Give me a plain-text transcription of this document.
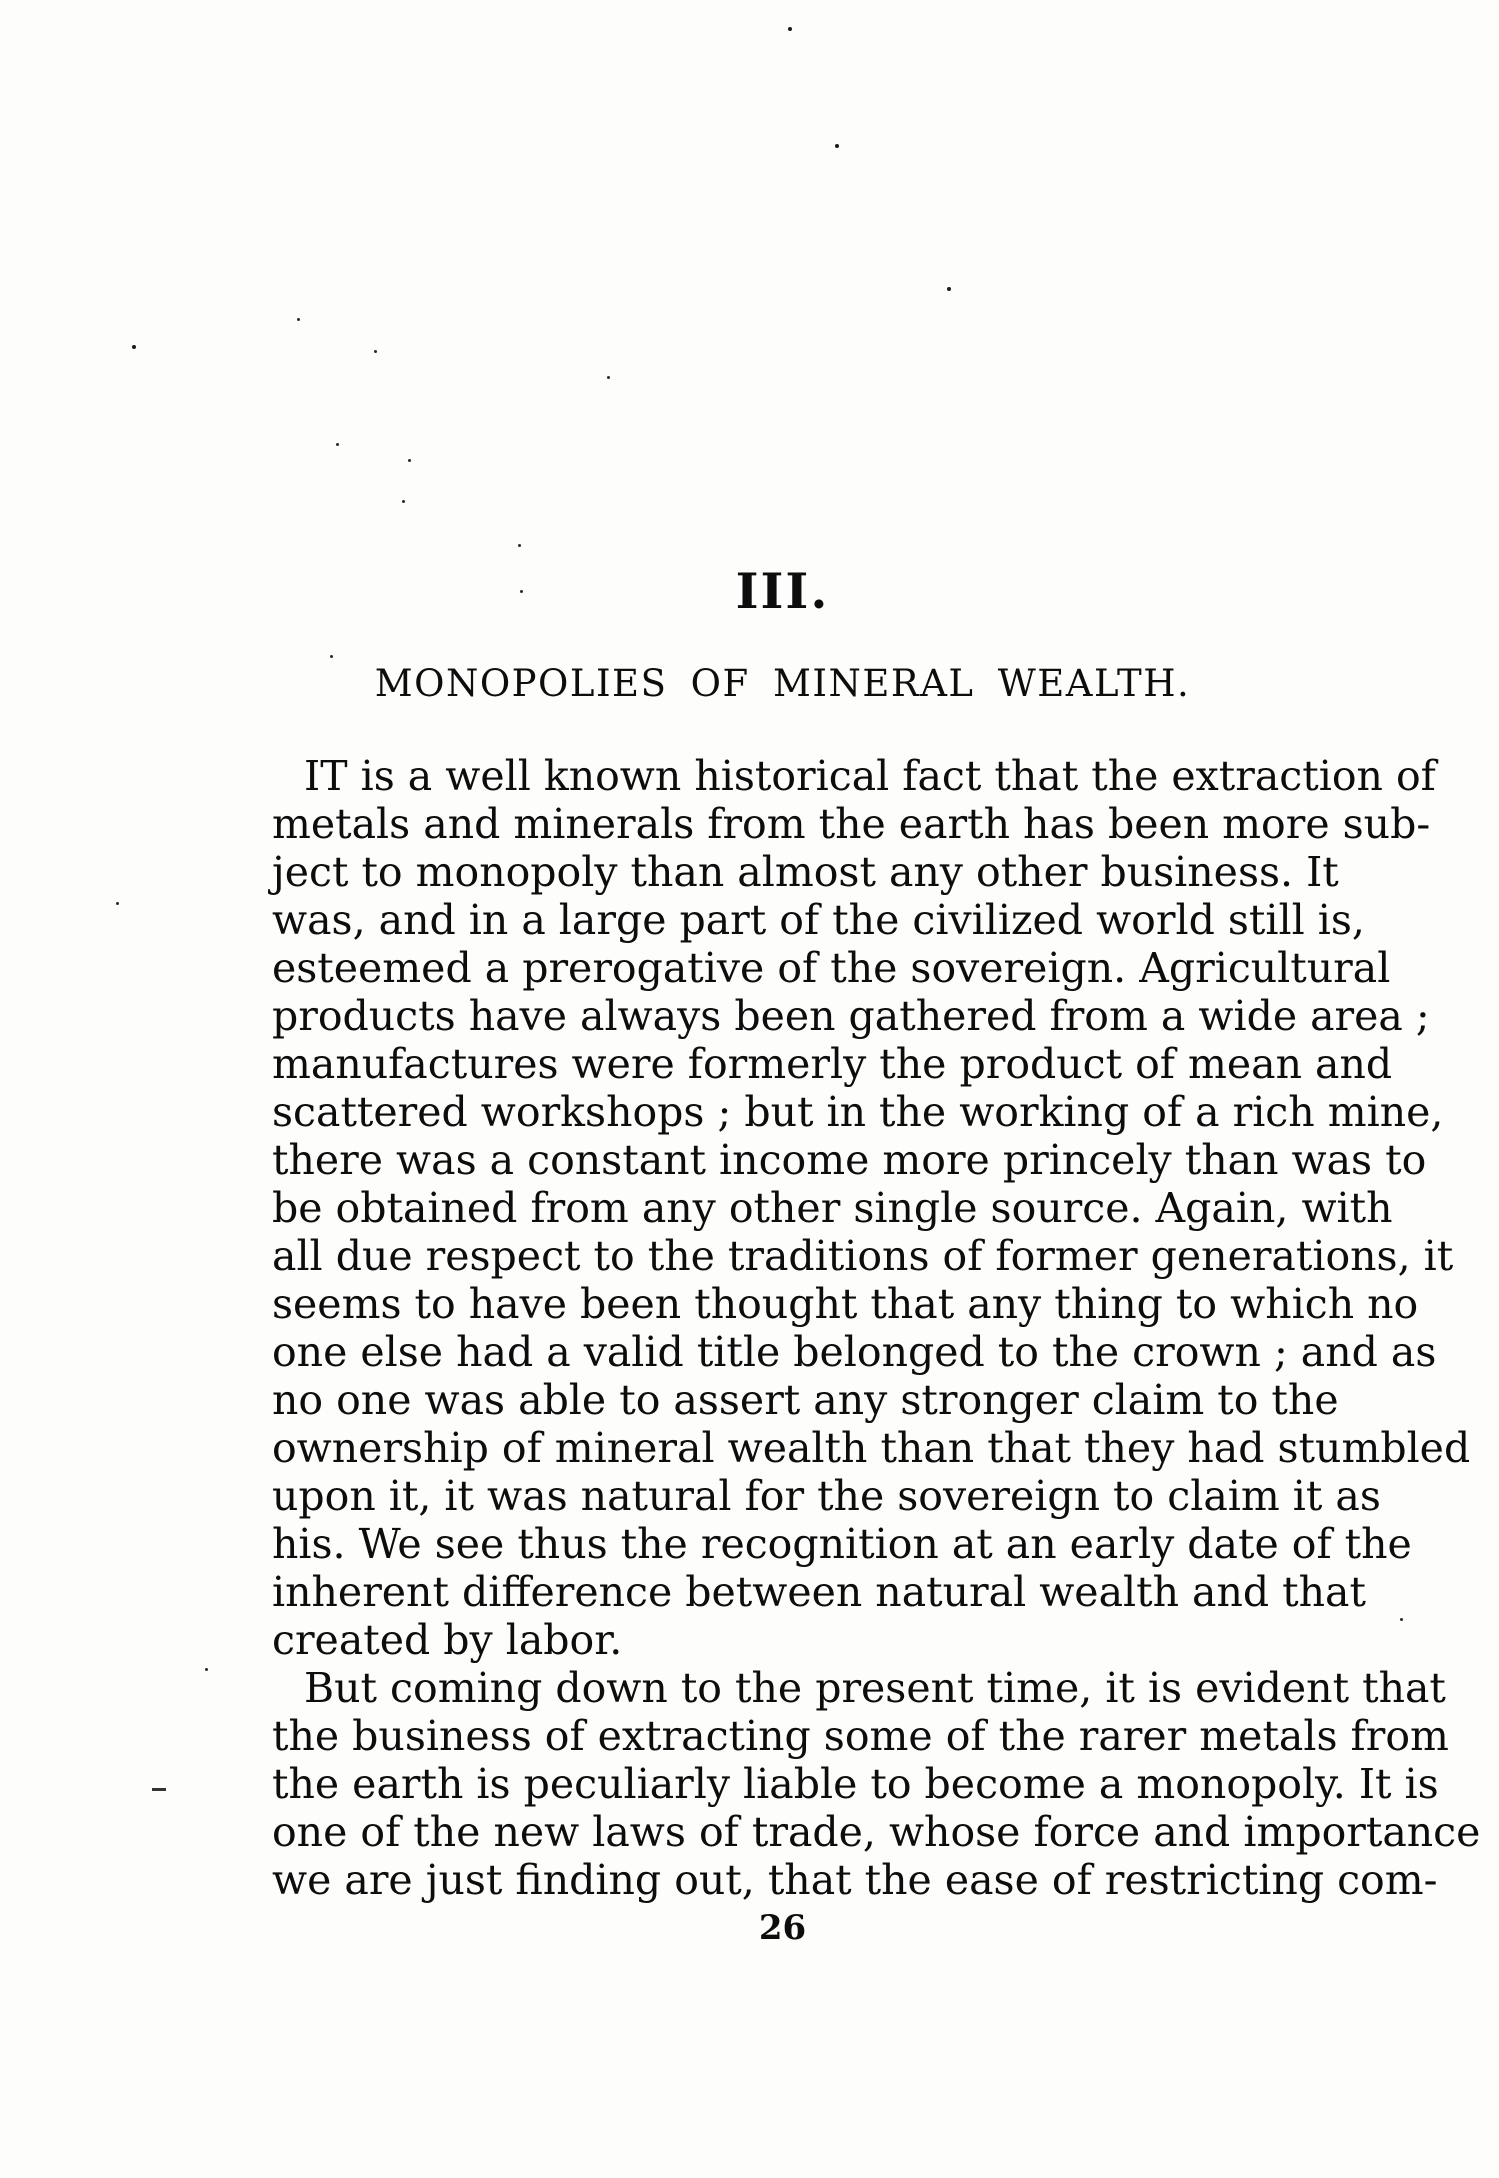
III.
MONOPOLIES OF MINERAL WEALTH.
IT is a well known historical fact that the extraction of
metals and minerals from the earth has been more sub-
ject to monopoly than almost any other business. It
was, and in a large part of the civilized world still is,
esteemed a prerogative of the sovereign. Agricultural
products have always been gathered from a wide area ;
manufactures were formerly the product of mean and
scattered workshops ; but in the working of a rich mine,
there was a constant income more princely than was to
be obtained from any other single source. Again, with
all due respect to the traditions of former generations, it
seems to have been thought that any thing to which no
one else had a valid title belonged to the crown ; and as
no one was able to assert any stronger claim to the
ownership of mineral wealth than that they had stumbled
upon it, it was natural for the sovereign to claim it as
his. We see thus the recognition at an early date of the
inherent difference between natural wealth and that
created by labor.
But coming down to the present time, it is evident that
the business of extracting some of the rarer metals from
the earth is peculiarly liable to become a monopoly. It is
one of the new laws of trade, whose force and importance
we are just finding out, that the ease of restricting com-
26
